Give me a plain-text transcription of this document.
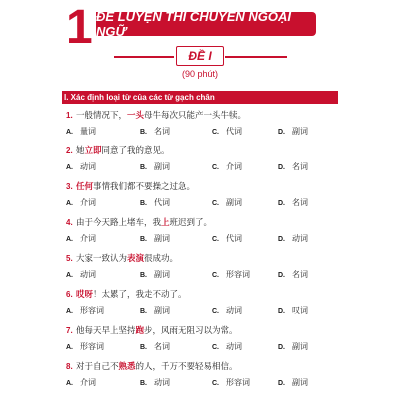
1 ĐỀ LUYỆN THI CHUYÊN NGOẠI NGỮ
ĐỀ I
(90 phút)
I. Xác định loại từ của các từ gạch chân
1. 一般情况下，一头母牛每次只能产一头牛犊。
A. 量词	B. 名词	C. 代词	D. 副词
2. 她立即同意了我的意见。
A. 动词	B. 副词	C. 介词	D. 名词
3. 任何事情我们都不要操之过急。
A. 介词	B. 代词	C. 副词	D. 名词
4. 由于今天路上堵车，我上班迟到了。
A. 介词	B. 副词	C. 代词	D. 动词
5. 大家一致认为表演很成功。
A. 动词	B. 副词	C. 形容词	D. 名词
6. 哎呀！太累了，我走不动了。
A. 形容词	B. 副词	C. 动词	D. 叹词
7. 他每天早上坚持跑步，风雨无阻习以为常。
A. 形容词	B. 名词	C. 动词	D. 副词
8. 对于自己不熟悉的人，千万不要轻易相信。
A. 介词	B. 动词	C. 形容词	D. 副词
